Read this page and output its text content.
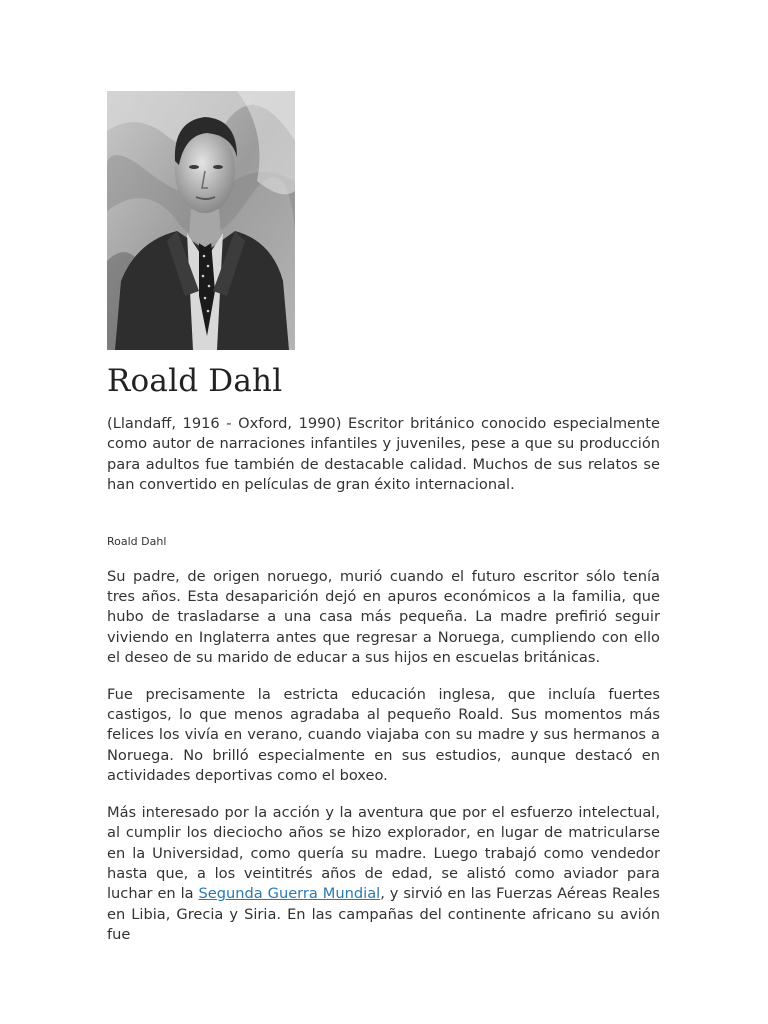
Roald Dahl

(Llandaff, 1916 - Oxford, 1990) Escritor británico conocido especialmente como autor de narraciones infantiles y juveniles, pese a que su producción para adultos fue también de destacable calidad. Muchos de sus relatos se han convertido en películas de gran éxito internacional.

Roald Dahl

Su padre, de origen noruego, murió cuando el futuro escritor sólo tenía tres años. Esta desaparición dejó en apuros económicos a la familia, que hubo de trasladarse a una casa más pequeña. La madre prefirió seguir viviendo en Inglaterra antes que regresar a Noruega, cumpliendo con ello el deseo de su marido de educar a sus hijos en escuelas británicas.

Fue precisamente la estricta educación inglesa, que incluía fuertes castigos, lo que menos agradaba al pequeño Roald. Sus momentos más felices los vivía en verano, cuando viajaba con su madre y sus hermanos a Noruega. No brilló especialmente en sus estudios, aunque destacó en actividades deportivas como el boxeo.

Más interesado por la acción y la aventura que por el esfuerzo intelectual, al cumplir los dieciocho años se hizo explorador, en lugar de matricularse en la Universidad, como quería su madre. Luego trabajó como vendedor hasta que, a los veintitrés años de edad, se alistó como aviador para luchar en la Segunda Guerra Mundial, y sirvió en las Fuerzas Aéreas Reales en Libia, Grecia y Siria. En las campañas del continente africano su avión fue
